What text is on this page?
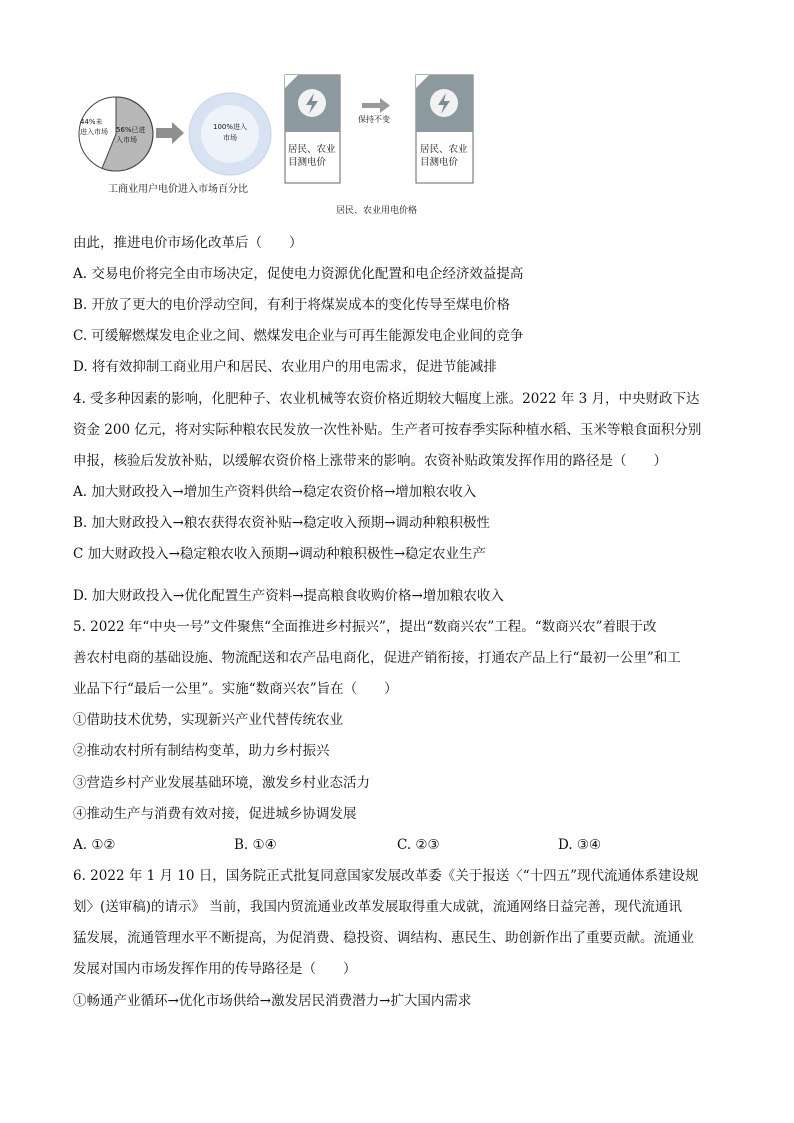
44%未进入市场 56%已进入市场
100%进入市场
工商业用户电价进入市场百分比
居民、农业目测电价
保持不变
居民、农业目测电价
居民、农业用电价格
由此，推进电价市场化改革后（　　）
A. 交易电价将完全由市场决定，促使电力资源优化配置和电企经济效益提高
B. 开放了更大的电价浮动空间，有利于将煤炭成本的变化传导至煤电价格
C. 可缓解燃煤发电企业之间、燃煤发电企业与可再生能源发电企业间的竞争
D. 将有效抑制工商业用户和居民、农业用户的用电需求，促进节能减排
4. 受多种因素的影响，化肥种子、农业机械等农资价格近期较大幅度上涨。2022 年 3 月，中央财政下达
资金 200 亿元，将对实际种粮农民发放一次性补贴。生产者可按春季实际种植水稻、玉米等粮食面积分别
申报，核验后发放补贴，以缓解农资价格上涨带来的影响。农资补贴政策发挥作用的路径是（　　）
A. 加大财政投入→增加生产资料供给→稳定农资价格→增加粮农收入
B. 加大财政投入→粮农获得农资补贴→稳定收入预期→调动种粮积极性
C 加大财政投入→稳定粮农收入预期→调动种粮积极性→稳定农业生产
D. 加大财政投入→优化配置生产资料→提高粮食收购价格→增加粮农收入
5. 2022 年“中央一号”文件聚焦“全面推进乡村振兴”，提出“数商兴农”工程。“数商兴农”着眼于改
善农村电商的基础设施、物流配送和农产品电商化，促进产销衔接，打通农产品上行“最初一公里”和工
业品下行“最后一公里”。实施“数商兴农”旨在（　　）
①借助技术优势，实现新兴产业代替传统农业
②推动农村所有制结构变革，助力乡村振兴
③营造乡村产业发展基础环境，激发乡村业态活力
④推动生产与消费有效对接，促进城乡协调发展
A. ①②	B. ①④	C. ②③	D. ③④
6. 2022 年 1 月 10 日，国务院正式批复同意国家发展改革委《关于报送〈“十四五”现代流通体系建设规
划〉(送审稿)的请示》 当前，我国内贸流通业改革发展取得重大成就，流通网络日益完善，现代流通讯
猛发展，流通管理水平不断提高，为促消费、稳投资、调结构、惠民生、助创新作出了重要贡献。流通业
发展对国内市场发挥作用的传导路径是（　　）
①畅通产业循环→优化市场供给→激发居民消费潜力→扩大国内需求
